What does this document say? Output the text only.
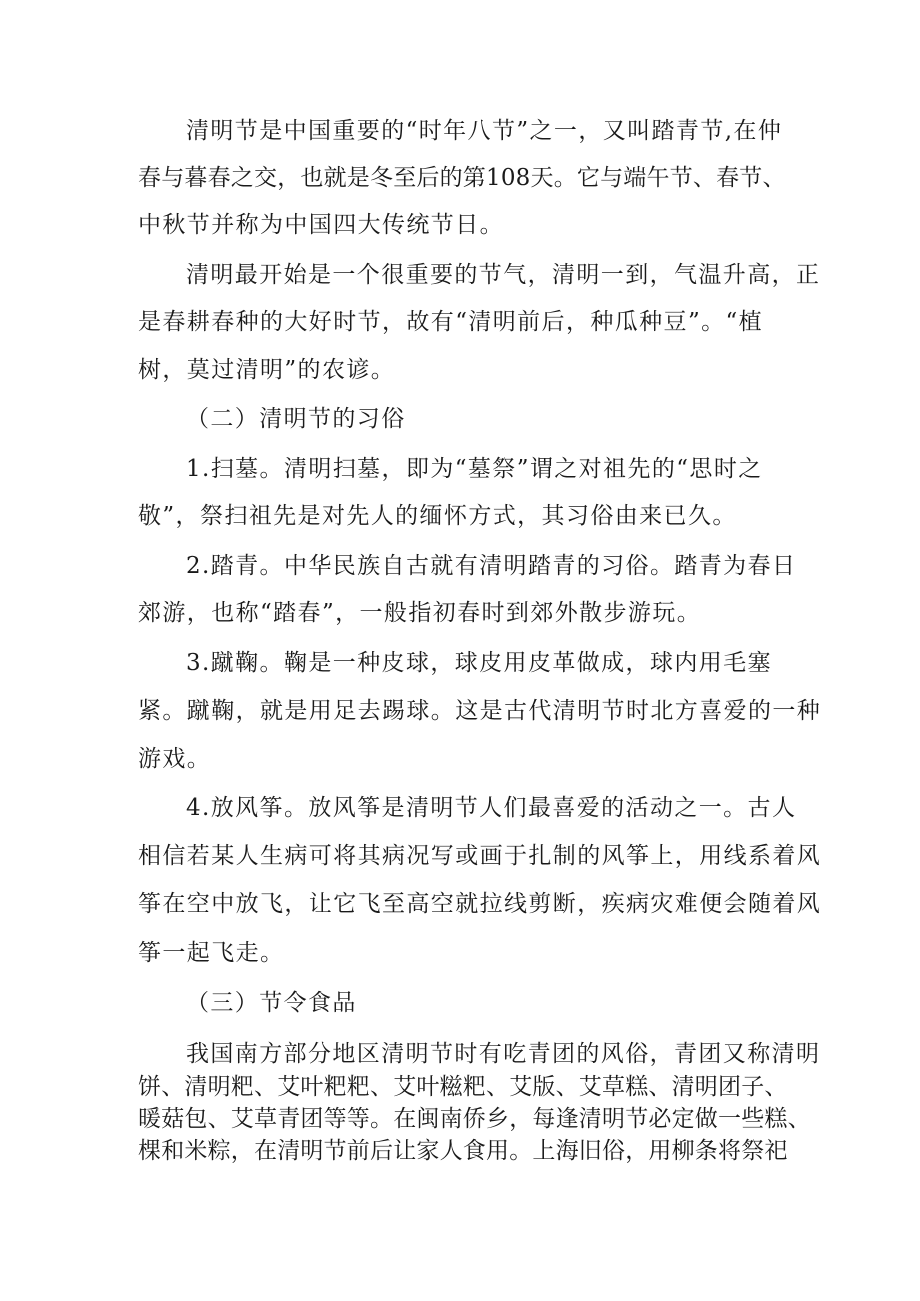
清明节是中国重要的“时年八节”之一，又叫踏青节,在仲
春与暮春之交，也就是冬至后的第108天。它与端午节、春节、
中秋节并称为中国四大传统节日。
清明最开始是一个很重要的节气，清明一到，气温升高，正
是春耕春种的大好时节，故有“清明前后，种瓜种豆”。“植
树，莫过清明”的农谚。
（二）清明节的习俗
1.扫墓。清明扫墓，即为“墓祭”谓之对祖先的“思时之
敬”，祭扫祖先是对先人的缅怀方式，其习俗由来已久。
2.踏青。中华民族自古就有清明踏青的习俗。踏青为春日
郊游，也称“踏春”，一般指初春时到郊外散步游玩。
3.蹴鞠。鞠是一种皮球，球皮用皮革做成，球内用毛塞
紧。蹴鞠，就是用足去踢球。这是古代清明节时北方喜爱的一种
游戏。
4.放风筝。放风筝是清明节人们最喜爱的活动之一。古人
相信若某人生病可将其病况写或画于扎制的风筝上，用线系着风
筝在空中放飞，让它飞至高空就拉线剪断，疾病灾难便会随着风
筝一起飞走。
（三）节令食品
我国南方部分地区清明节时有吃青团的风俗，青团又称清明
饼、清明粑、艾叶粑粑、艾叶糍粑、艾版、艾草糕、清明团子、
暖菇包、艾草青团等等。在闽南侨乡，每逢清明节必定做一些糕、
棵和米粽，在清明节前后让家人食用。上海旧俗，用柳条将祭祀
